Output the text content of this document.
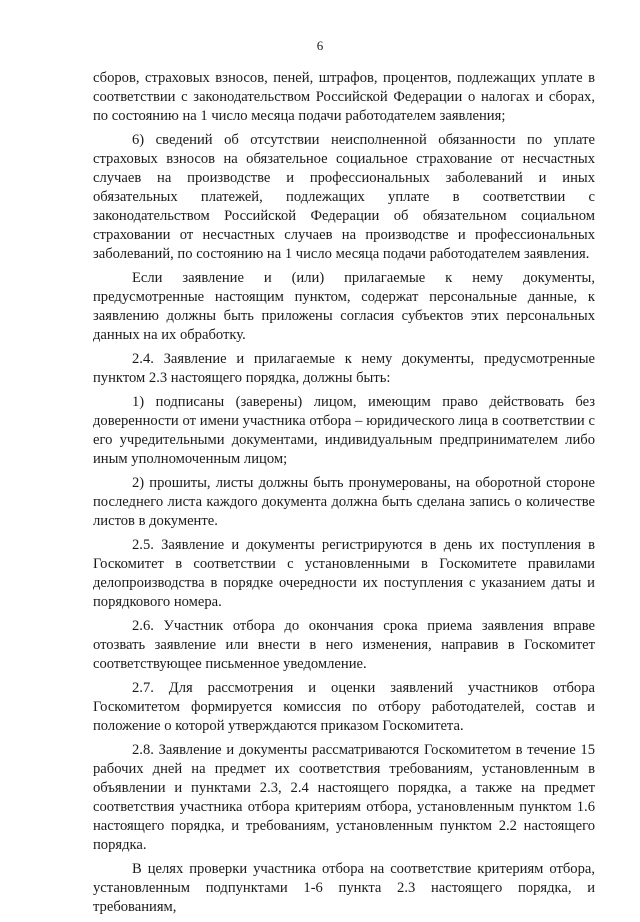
6

сборов, страховых взносов, пеней, штрафов, процентов, подлежащих уплате в соответствии с законодательством Российской Федерации о налогах и сборах, по состоянию на 1 число месяца подачи работодателем заявления;

6) сведений об отсутствии неисполненной обязанности по уплате страховых взносов на обязательное социальное страхование от несчастных случаев на производстве и профессиональных заболеваний и иных обязательных платежей, подлежащих уплате в соответствии с законодательством Российской Федерации об обязательном социальном страховании от несчастных случаев на производстве и профессиональных заболеваний, по состоянию на 1 число месяца подачи работодателем заявления.

Если заявление и (или) прилагаемые к нему документы, предусмотренные настоящим пунктом, содержат персональные данные, к заявлению должны быть приложены согласия субъектов этих персональных данных на их обработку.

2.4. Заявление и прилагаемые к нему документы, предусмотренные пунктом 2.3 настоящего порядка, должны быть:

1) подписаны (заверены) лицом, имеющим право действовать без доверенности от имени участника отбора – юридического лица в соответствии с его учредительными документами, индивидуальным предпринимателем либо иным уполномоченным лицом;

2) прошиты, листы должны быть пронумерованы, на оборотной стороне последнего листа каждого документа должна быть сделана запись о количестве листов в документе.

2.5. Заявление и документы регистрируются в день их поступления в Госкомитет в соответствии с установленными в Госкомитете правилами делопроизводства в порядке очередности их поступления с указанием даты и порядкового номера.

2.6. Участник отбора до окончания срока приема заявления вправе отозвать заявление или внести в него изменения, направив в Госкомитет соответствующее письменное уведомление.

2.7. Для рассмотрения и оценки заявлений участников отбора Госкомитетом формируется комиссия по отбору работодателей, состав и положение о которой утверждаются приказом Госкомитета.

2.8. Заявление и документы рассматриваются Госкомитетом в течение 15 рабочих дней на предмет их соответствия требованиям, установленным в объявлении и пунктами 2.3, 2.4 настоящего порядка, а также на предмет соответствия участника отбора критериям отбора, установленным пунктом 1.6 настоящего порядка, и требованиям, установленным пунктом 2.2 настоящего порядка.

В целях проверки участника отбора на соответствие критериям отбора, установленным подпунктами 1-6 пункта 2.3 настоящего порядка, и требованиям,
